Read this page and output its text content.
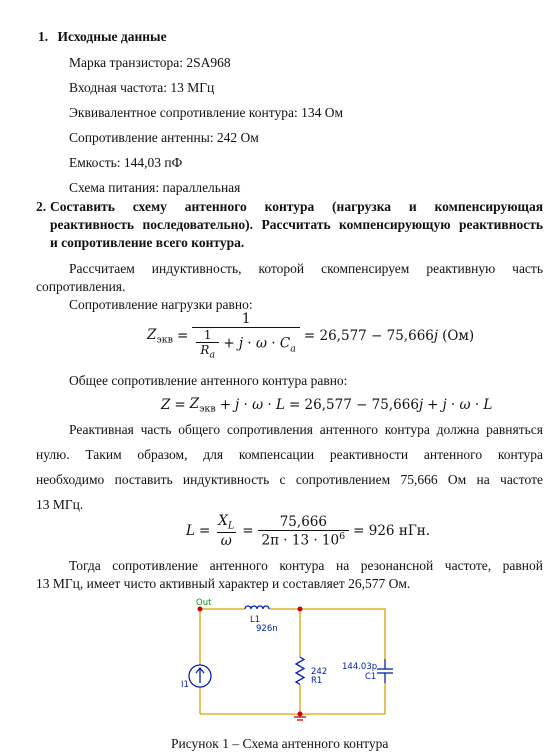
1. Исходные данные
Марка транзистора: 2SA968
Входная частота: 13 МГц
Эквивалентное сопротивление контура: 134 Ом
Сопротивление антенны: 242 Ом
Емкость: 144,03 пФ
Схема питания: параллельная
2. Составить схему антенного контура (нагрузка и компенсирующая
реактивность последовательно). Рассчитать компенсирующую реактивность
и сопротивление всего контура.
Рассчитаем индуктивность, которой скомпенсируем реактивную часть
сопротивления.
Сопротивление нагрузки равно:
$Z_{экв} = \frac{1}{\frac{1}{R_a} + j \cdot \omega \cdot C_a} = 26,577 - 75,666$ j (Ом)
Общее сопротивление антенного контура равно:
$Z = Z_{экв} + j \cdot \omega \cdot L = 26,577 - 75,666$ j + j · ω · L
Реактивная часть общего сопротивления антенного контура должна равняться
нулю. Таким образом, для компенсации реактивности антенного контура
необходимо поставить индуктивность с сопротивлением 75,666 Ом на частоте
13 МГц.
$L = \frac{X_L}{\omega} = \frac{75,666}{2\pi \cdot 13 \cdot 10^6} = 926$ нГн.
Тогда сопротивление антенного контура на резонансной частоте, равной
13 МГц, имеет чисто активный характер и составляет 26,577 Ом.
Out
L1
926n
242
R1
144.03p
C1
I1
Рисунок 1 – Схема антенного контура
